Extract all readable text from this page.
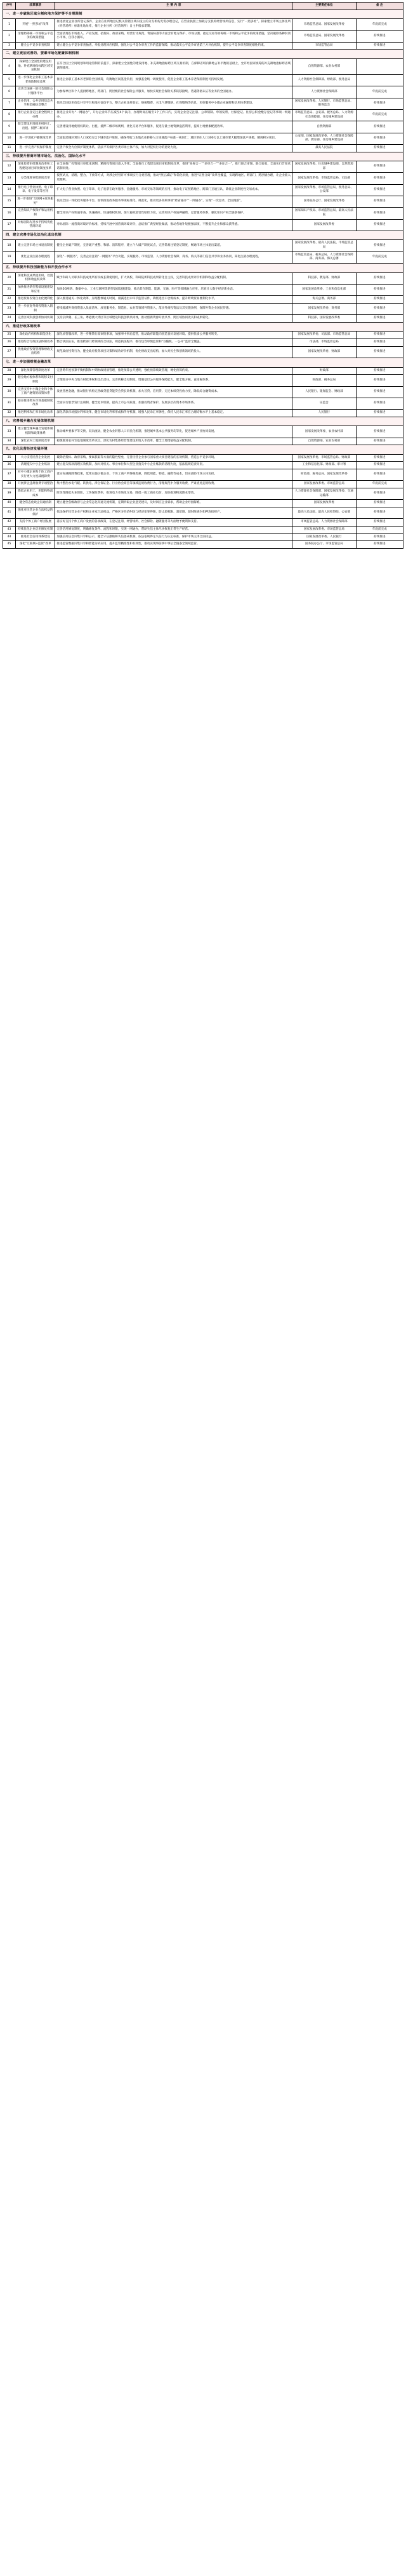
序号	改革事项	主 要 内 容	主要责任单位	备 注
一、进一步破除区域分割和地方保护等不合理限制				
1	开展“一照多址”改革	推进放宽企业住所登记条件，企业在住所地登记机关管辖区域内设立的分支机构无需办理登记，在营业执照上加载分支机构经营场所信息，实行“一照多址”。探索建立市场主体住所（经营场所）标准化地址库，推行企业住所（经营场所）自主申报承诺制。	市场监管总局、国家发展改革委	年底前完成
2	清理妨碍统一市场和公平竞争的政策措施	全面清理在市场准入、产业发展、招投标、政府采购、经营行为规范、资质标准等方面含有地方保护、市场分割、指定交易等妨碍统一市场和公平竞争的政策措施，坚决破除各种封闭小市场、自我小循环。	市场监管总局、国家发展改革委	持续推进
3	健全公平竞争审查机制	建立健全公平竞争审查抽查、举报处理回应机制，强化对公平竞争审查工作的监督保障，推动落实公平竞争审查第三方评估机制，提升公平竞争审查制度刚性约束。	市场监管总局	持续推进
二、建立更加完善的、要素市场化配置体制机制				
4	探索建立全国性的建设用地、补充耕地指标跨区域交易机制	在符合国土空间规划和用途管制的前提下，探索建立全国性的建设用地、补充耕地指标跨区域交易机制，在保障省域内耕地占补平衡的基础上，允许经国家统筹的补充耕地指标跨省域调剂使用。	自然资源部、农业农村部	
5	进一步深化企业职工基本养老保险制度改革	推进企业职工基本养老保险全国统筹，均衡地区间基金负担，加强基金统一调度使用，促进企业职工基本养老保险制度可持续发展。	人力资源社会保障部、财政部、税务总局	
6	完善全国统一的社会保险公共服务平台	为参保单位和个人提供跨地区、跨部门、跨层级的社会保险公共服务，加快实现社会保险关系转移接续、待遇资格认证等业务的全国通办。	人力资源社会保障部	年底前完成
7	企业信用、公共信用信息共享和金融信息整合	依托全国信用信息共享平台和地方征信平台，整合企业注册登记、纳税缴费、水电气费缴纳、社保缴纳等信息，更好服务中小微企业融资和信用体系建设。	国家发展改革委、人民银行、市场监管总局、银保监会	持续推进
8	推行企业登记注册全程网上办理	推进企业开办“一网通办”，开办企业环节压减至4个以内，办理时间压缩至1个工作日内，实现企业登记注册、公章刻制、申领发票、社保登记、住房公积金缴存登记等事项一网通办。	市场监管总局、公安部、税务总局、人力资源社会保障部、住房城乡建设部	年底前完成
9	健全建设用地使用权转让、出租、抵押二级市场	完善建设用地使用权转让、出租、抵押二级市场规则，优化交易平台和服务，促进存量土地资源盘活利用，提高土地要素配置效率。	自然资源部	持续推进
10	进一步深化户籍制度改革	全面取消城区常住人口300万以下城市落户限制，确保外地与本地农业转移人口进城落户标准一视同仁；城区常住人口300万以上城市要大幅增加落户规模、精简积分项目。	公安部、国家发展改革委、人力资源社会保障部、教育部、住房城乡建设部	持续推进
11	进一步完善产权保护制度	完善产权全方位保护制度体系，依法平等保护各类市场主体产权，加大对侵权行为的惩处力度。	最高人民法院	持续推进
三、持续提升营商环境市场化、法治化、国际化水平				
12	深化投资审批制度改革和工程建设项目审批制度改革	在全国推广投资项目审批承诺制，精简投资项目准入手续；全面推行工程建设项目审批制度改革，推进“多规合一”“多审合一”“多证合一”，推行联合审图、联合验收，全面实行告知承诺制审批。	国家发展改革委、住房城乡建设部、自然资源部	持续推进
13	分类推进审批制度改革	按照试点、清理、整合、下放等方式，对涉企经营许可事项实行分类管理，推动“照后减证”和简化审批，推进“证照分离”改革全覆盖，实现跨地区、跨部门、跨层级办理，让企业准入更便利。	国家发展改革委、市场监管总局、司法部	持续推进
14	推行电子营业执照、电子印章、电子发票等应用	扩大电子营业执照、电子印章、电子发票在政务服务、金融服务、市场交易等领域的应用，推动电子证照跨地区、跨部门互通互认，降低企业制度性交易成本。	国家发展改革委、市场监管总局、税务总局、公安部	持续推进
15	进一步推进“互联网+政务服务”	依托全国一体化政务服务平台，加快推进政务服务事项标准化、规范化，推动更多高频事项“跨省通办”“一网通办”，实现“一次登录、全国漫游”。	国务院办公厅、国家发展改革委	持续推进
16	完善知识产权保护和运用机制	健全知识产权快速审查、快速确权、快速维权机制，加大侵权惩罚性赔偿力度，完善知识产权质押融资、运营服务体系，强化知识产权全链条保护。	国家知识产权局、市场监管总局、最高人民法院	持续推进
17	对标国际先进水平持续优化营商环境	对标国际一流营商环境评价标准，持续开展中国营商环境评价，总结推广典型经验做法，推动各地补短板强弱项，不断提升企业和群众获得感。	国家发展改革委	持续推进
四、建立完善市场化法治化退出机制				
18	建立完善市场主体退出制度	健全企业破产制度，完善破产重整、和解、清算程序，建立个人破产制度试点，完善简易注销登记制度，畅通市场主体退出渠道。	国家发展改革委、最高人民法院、市场监管总局	持续推进
19	优化企业注销办理流程	深化“一网服务”，完善企业注销“一网服务”平台功能，实现税务、市场监管、人力资源社会保障、商务、海关等部门信息共享和业务协同，简化注销办理流程。	市场监管总局、税务总局、人力资源社会保障部、商务部、海关总署	年底前完成
五、持续提升科技创新能力和开放合作水平				
20	深化科技成果使用权、处置权和收益权改革	赋予科研人员职务科技成果所有权或长期使用权，扩大高校、科研院所科技成果转化自主权，完善科技成果评价机制和收益分配机制。	科技部、教育部、财政部	持续推进
21	加快推进新型基础设施建设和应用	加快5G网络、数据中心、工业互联网等新型基础设施建设，推动其在制造、能源、交通、医疗等领域融合应用，培育壮大数字经济新业态。	国家发展改革委、工业和信息化部	持续推进
22	推进贸易投资自由化便利化	深入推进通关一体化改革，压缩整体通关时间，削减进出口环节监管证件，降低进出口合规成本，提升跨境贸易便利化水平。	海关总署、商务部	持续推进
23	进一步放宽外商投资准入限制	持续缩减外商投资准入负面清单，放宽服务业、制造业、农业等领域外资准入，落实外商投资法及其实施条例，保障外资企业国民待遇。	国家发展改革委、商务部	持续推进
24	完善区域科技创新协同机制	支持京津冀、长三角、粤港澳大湾区等区域建设科技创新共同体，推动创新资源开放共享、跨区域协同攻关和成果转化。	科技部、国家发展改革委	持续推进
六、推进行政体制改革				
25	深化政府机构和职能优化	深化放管服改革，进一步精简行政审批事项，加强事中事后监管，推动政府职能向创造良好发展环境、提供优质公共服务转变。	国家发展改革委、司法部、市场监管总局	持续推进
26	推进综合行政执法体制改革	整合执法队伍，推进跨部门跨领域综合执法，规范执法程序，推行包容审慎监管和“双随机、一公开”监管全覆盖。	司法部、市场监管总局	持续推进
27	优化政府投资管理和财政支出结构	规范政府投资行为，健全政府投资项目决策和绩效评价机制，优化财政支出结构，加大对民生和创新领域的投入。	国家发展改革委、财政部	持续推进
七、进一步加强财税金融改革				
28	深化预算管理制度改革	完善跨年度预算平衡机制和中期财政规划管理，推进预算公开透明，强化预算绩效管理，硬化预算约束。	财政部	持续推进
29	健全地方税体系和转移支付制度	合理划分中央与地方财政事权和支出责任，完善转移支付制度，增强基层公共服务保障能力，健全地方税、直接税体系。	财政部、税务总局	持续推进
30	完善支持中小微企业和个体工商户融资的政策体系	发展普惠金融，推动银行机构完善敢贷愿贷能贷会贷长效机制，加大首贷、信用贷、无还本续贷投放力度，降低综合融资成本。	人民银行、银保监会、财政部	持续推进
31	稳妥推进资本市场基础制度改革	全面实行股票发行注册制，健全退市机制，提高上市公司质量，加强投资者保护，发展多层次资本市场体系。	证监会	持续推进
32	推进利率和汇率市场化改革	深化贷款市场报价利率改革，健全市场化利率形成和传导机制，增强人民币汇率弹性，保持人民币汇率在合理均衡水平上基本稳定。	人民银行	持续推进
八、完善城乡融合发展体制机制				
33	建立健全城乡融合发展体制机制和政策体系	推动城乡要素平等交换、双向流动，健全农业转移人口市民化机制，推进城乡基本公共服务均等化，促进城乡产业协同发展。	国家发展改革委、农业农村部	持续推进
34	深化农村土地制度改革	稳慎推进农村宅基地制度改革试点，深化农村集体经营性建设用地入市改革，健全土地增值收益分配机制。	自然资源部、农业农村部	持续推进
九、优化民营经济发展环境				
35	大力支持民营企业发展	破除招投标、政府采购、要素获取等方面的隐性壁垒，完善民营企业参与国家重大项目建设的长效机制，营造公平竞争环境。	国家发展改革委、市场监管总局、财政部	持续推进
36	清理拖欠中小企业账款	建立拖欠账款清理长效机制，加大对机关、事业单位和大型企业拖欠中小企业账款的清理力度，依法依规追责问责。	工业和信息化部、财政部、审计署	持续推进
37	对中小微企业和个体工商户实行更大力度减税降费	落实好减税降费政策，延续实施小微企业、个体工商户所得税优惠，降低用能、物流、融资等成本，切实减轻市场主体负担。	财政部、税务总局、国家发展改革委	持续推进
38	开展涉企违规收费专项整治	集中整治水电气暖、转供电、涉企保证金、行业协会商会等领域违规收费行为，清理规范中介服务收费，严肃查处违规收费。	国家发展改革委、市场监管总局	年底前完成
39	降低企业用工、用能和物流成本	阶段性降低失业保险、工伤保险费率，推进电力市场化交易，降低一般工商业电价，加快推进物流降本增效。	人力资源社会保障部、国家发展改革委、交通运输部	持续推进
40	健全常态化政企沟通机制	建立健全各级政府与企业常态化沟通交流机制，定期听取企业意见建议，及时回应企业诉求，帮助企业纾困解难。	国家发展改革委	持续推进
41	强化对民营企业合法权益的保护	依法保护民营企业产权和企业家合法权益，严格区分经济纠纷与经济犯罪界限，防止超权限、超范围、超时限查封扣押冻结财产。	最高人民法院、最高人民检察院、公安部	持续推进
42	支持个体工商户纾困发展	落实好支持个体工商户发展的各项政策，在登记注册、经营场所、社会保险、融资服务等方面给予便利和支持。	市场监管总局、人力资源社会保障部	持续推进
43	持续优化企业信用修复机制	完善信用修复制度，明确修复条件、流程和时限，实现一网通办，帮助失信主体尽快恢复正常生产经营。	国家发展改革委、市场监管总局	年底前完成
44	推进社会信用体系建设	加强信用信息归集共享和公示，健全守信激励和失信惩戒机制，依法依规界定失信行为认定标准，保护市场主体合法权益。	国家发展改革委、人民银行	持续推进
45	深化“互联网+监管”改革	推进监管数据归集共享和智能分析应用，提升监管精准性和有效性，推动实现事前事中事后全链条全领域监管。	国务院办公厅、市场监管总局	持续推进
